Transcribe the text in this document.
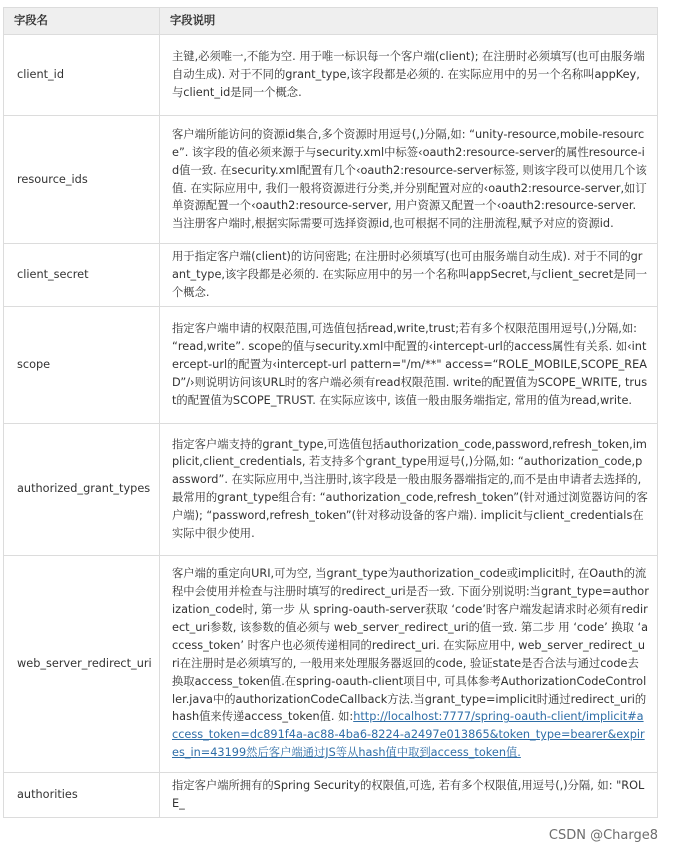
字段名	字段说明
client_id	主键,必须唯一,不能为空. 用于唯一标识每一个客户端(client); 在注册时必须填写(也可由服务端自动生成). 对于不同的grant_type,该字段都是必须的. 在实际应用中的另一个名称叫appKey,与client_id是同一个概念.
resource_ids	客户端所能访问的资源id集合,多个资源时用逗号(,)分隔,如: “unity-resource,mobile-resource”. 该字段的值必须来源于与security.xml中标签‹oauth2:resource-server的属性resource-id值一致. 在security.xml配置有几个‹oauth2:resource-server标签, 则该字段可以使用几个该值. 在实际应用中, 我们一般将资源进行分类,并分别配置对应的‹oauth2:resource-server,如订单资源配置一个‹oauth2:resource-server, 用户资源又配置一个‹oauth2:resource-server. 当注册客户端时,根据实际需要可选择资源id,也可根据不同的注册流程,赋予对应的资源id.
client_secret	用于指定客户端(client)的访问密匙; 在注册时必须填写(也可由服务端自动生成). 对于不同的grant_type,该字段都是必须的. 在实际应用中的另一个名称叫appSecret,与client_secret是同一个概念.
scope	指定客户端申请的权限范围,可选值包括read,write,trust;若有多个权限范围用逗号(,)分隔,如: “read,write”. scope的值与security.xml中配置的‹intercept-url的access属性有关系. 如‹intercept-url的配置为‹intercept-url pattern="/m/**" access=“ROLE_MOBILE,SCOPE_READ”/›则说明访问该URL时的客户端必须有read权限范围. write的配置值为SCOPE_WRITE, trust的配置值为SCOPE_TRUST. 在实际应该中, 该值一般由服务端指定, 常用的值为read,write.
authorized_grant_types	指定客户端支持的grant_type,可选值包括authorization_code,password,refresh_token,implicit,client_credentials, 若支持多个grant_type用逗号(,)分隔,如: “authorization_code,password”. 在实际应用中,当注册时,该字段是一般由服务器端指定的,而不是由申请者去选择的,最常用的grant_type组合有: “authorization_code,refresh_token”(针对通过浏览器访问的客户端); “password,refresh_token”(针对移动设备的客户端). implicit与client_credentials在实际中很少使用.
web_server_redirect_uri	客户端的重定向URI,可为空, 当grant_type为authorization_code或implicit时, 在Oauth的流程中会使用并检查与注册时填写的redirect_uri是否一致. 下面分别说明:当grant_type=authorization_code时, 第一步 从 spring-oauth-server获取 ‘code’时客户端发起请求时必须有redirect_uri参数, 该参数的值必须与 web_server_redirect_uri的值一致. 第二步 用 ‘code’ 换取 ‘access_token’ 时客户也必须传递相同的redirect_uri. 在实际应用中, web_server_redirect_uri在注册时是必须填写的, 一般用来处理服务器返回的code, 验证state是否合法与通过code去换取access_token值.在spring-oauth-client项目中, 可具体参考AuthorizationCodeController.java中的authorizationCodeCallback方法.当grant_type=implicit时通过redirect_uri的hash值来传递access_token值. 如:http://localhost:7777/spring-oauth-client/implicit#access_token=dc891f4a-ac88-4ba6-8224-a2497e013865&token_type=bearer&expires_in=43199然后客户端通过JS等从hash值中取到access_token值.
authorities	指定客户端所拥有的Spring Security的权限值,可选, 若有多个权限值,用逗号(,)分隔, 如: "ROLE_
CSDN @Charge8
